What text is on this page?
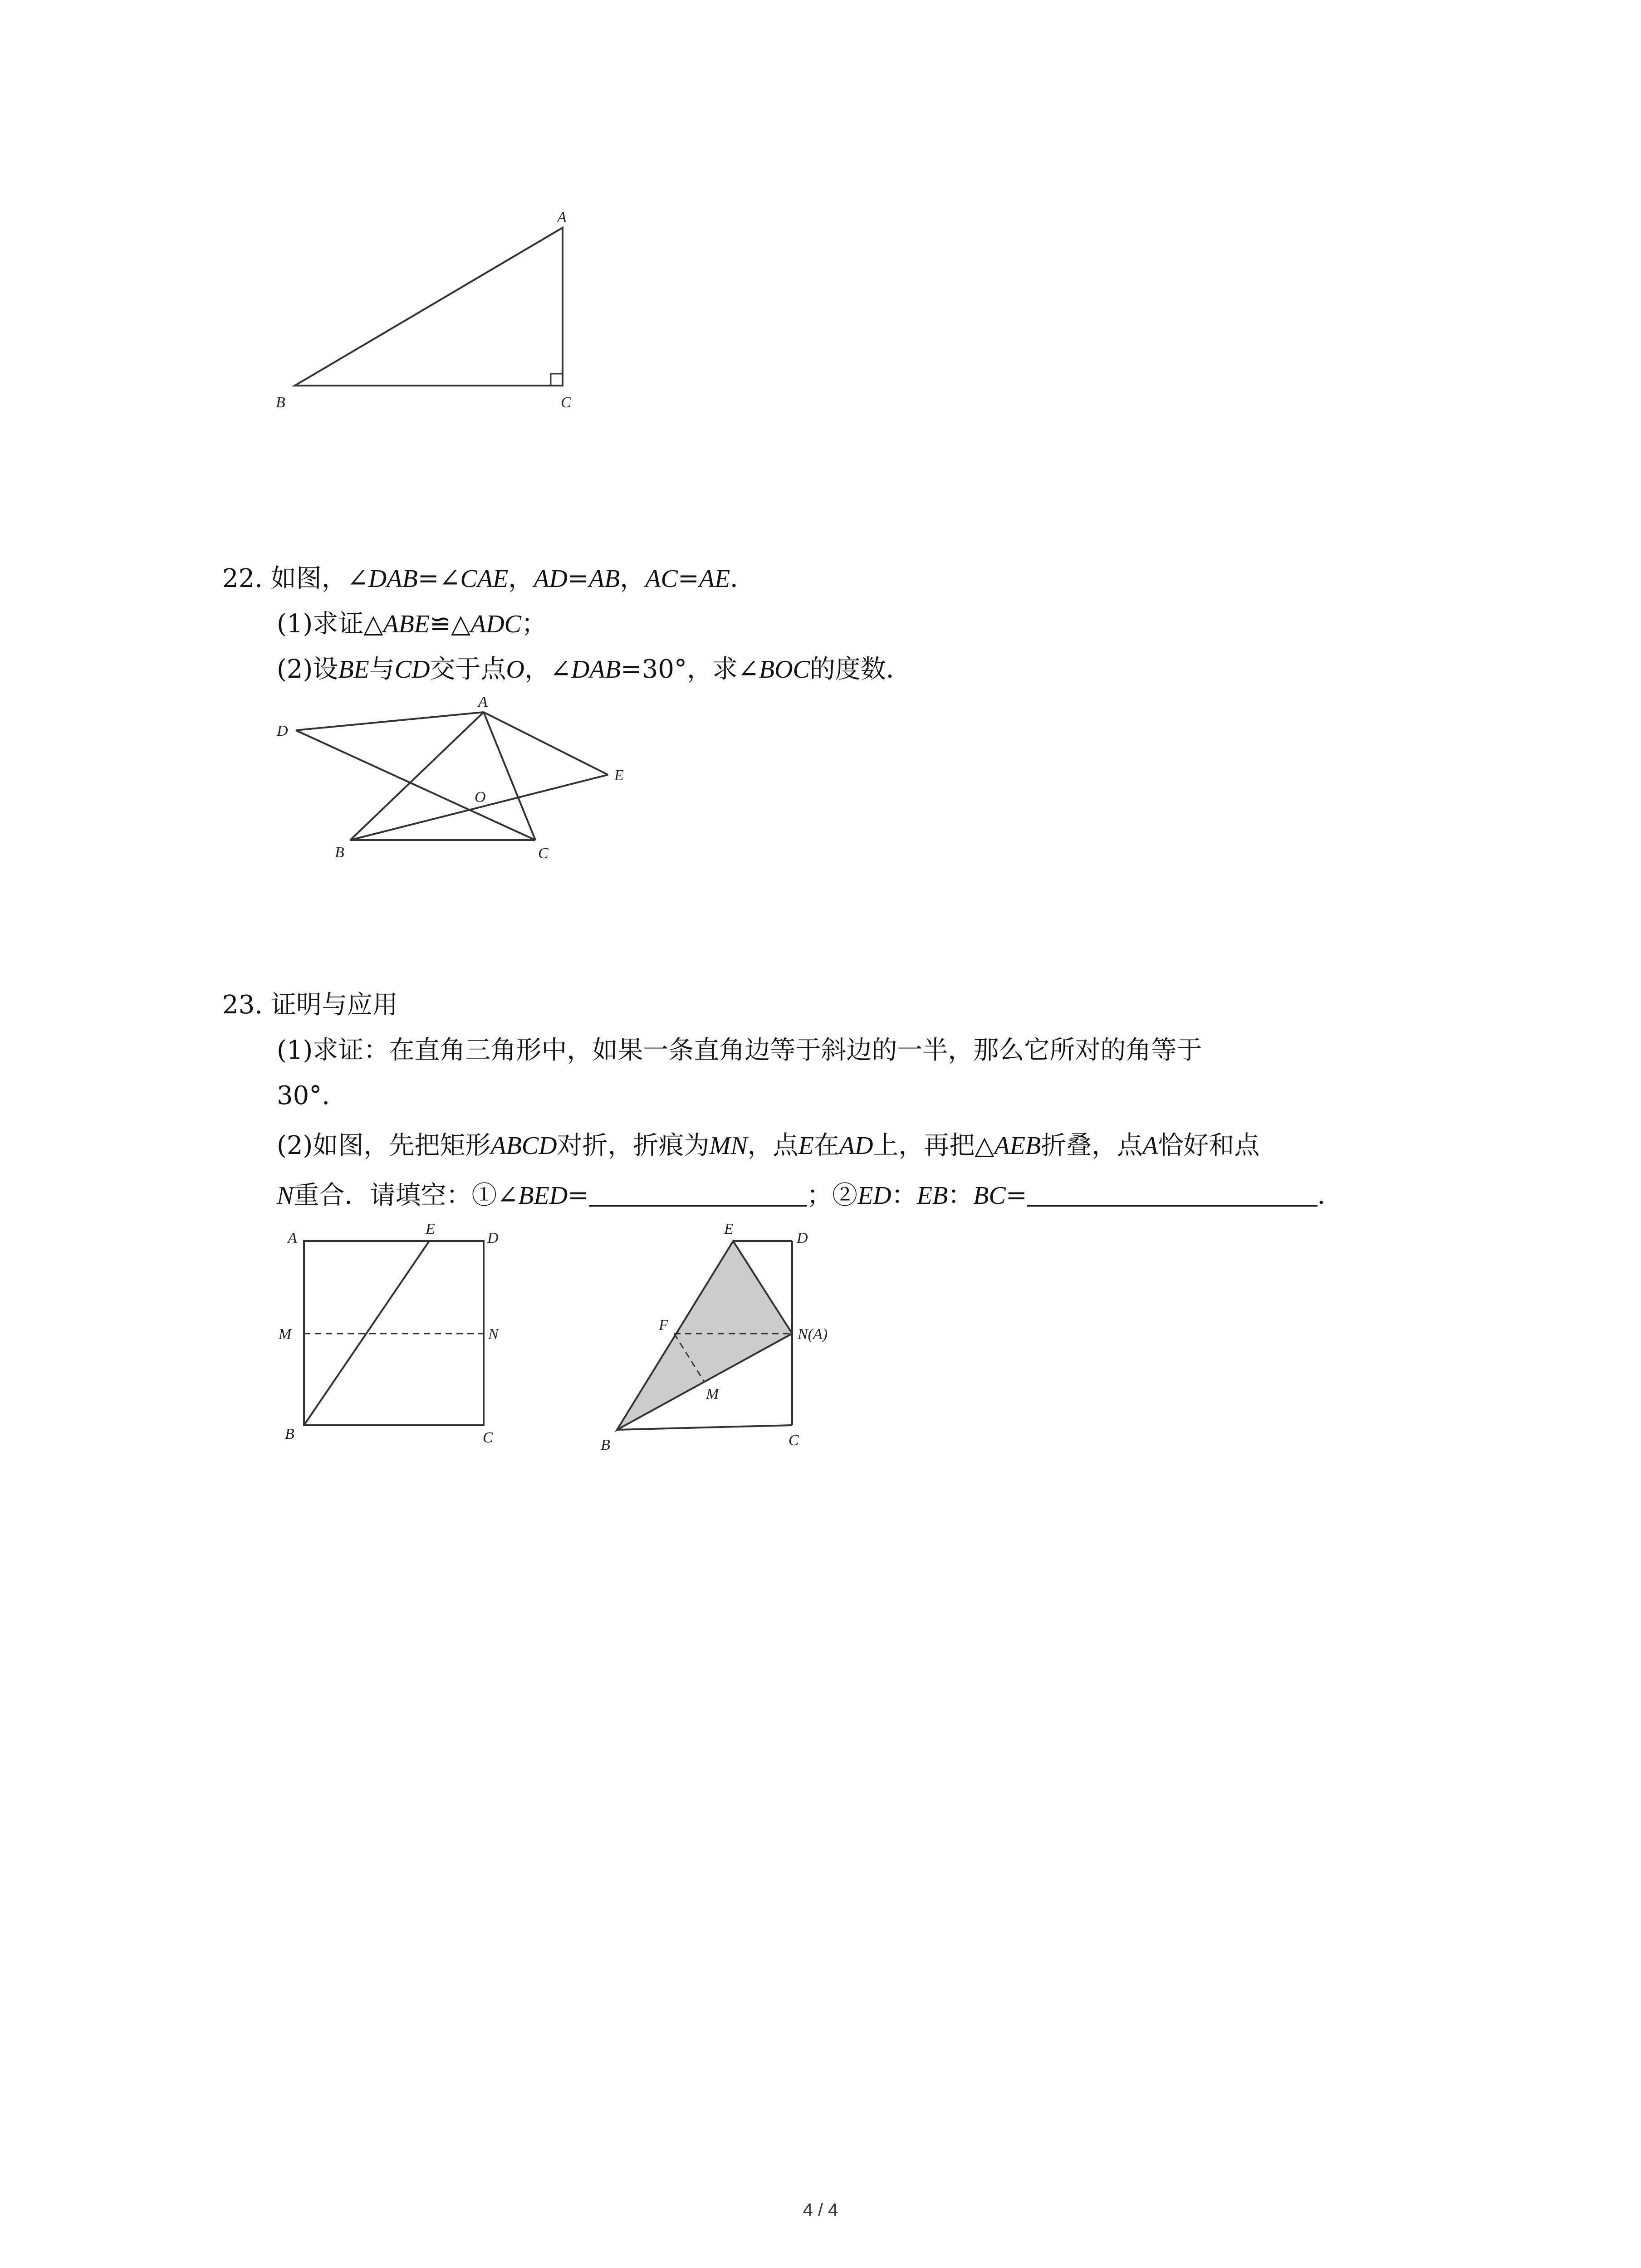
A
B	C
22. 如图，∠DAB=∠CAE，AD=AB，AC=AE．
(1)求证△ABE≌△ADC；
(2)设BE与CD交于点O，∠DAB=30°，求∠BOC的度数．
D
A
E
O
B	C
23. 证明与应用
(1)求证：在直角三角形中，如果一条直角边等于斜边的一半，那么它所对的角等于
30°.
(2)如图，先把矩形ABCD对折，折痕为MN，点E在AD上，再把△AEB折叠，点A恰好和点
N重合．请填空：①∠BED=	；②ED：EB：BC=	．
A
E
D
M	N
B	C
E
D
F
N(A)
M
B	C
4 / 4
